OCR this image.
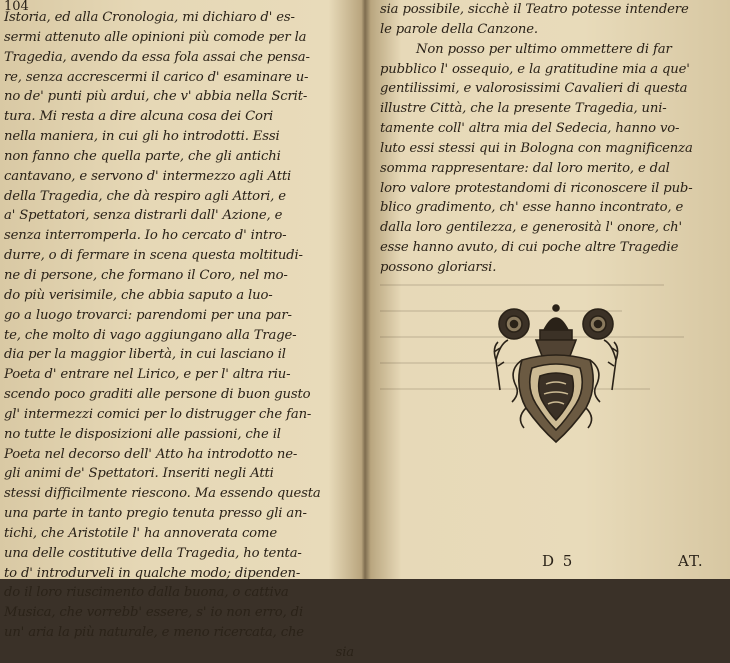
104
Istoria, ed alla Cronologia, mi dichiaro d' es-
sermi attenuto alle opinioni più comode per la
Tragedia, avendo da essa fola assai che pensa-
re, senza accrescermi il carico d' esaminare u-
no de' punti più ardui, che v' abbia nella Scrit-
tura. Mi resta a dire alcuna cosa dei Cori
nella maniera, in cui gli ho introdotti. Essi
non fanno che quella parte, che gli antichi
cantavano, e servono d' intermezzo agli Atti
della Tragedia, che dà respiro agli Attori, e
a' Spettatori, senza distrarli dall' Azione, e
senza interromperla. Io ho cercato d' intro-
durre, o di fermare in scena questa moltitudi-
ne di persone, che formano il Coro, nel mo-
do più verisimile, che abbia saputo a luo-
go a luogo trovarci: parendomi per una par-
te, che molto di vago aggiungano alla Trage-
dia per la maggior libertà, in cui lasciano il
Poeta d' entrare nel Lirico, e per l' altra riu-
scendo poco graditi alle persone di buon gusto
gl' intermezzi comici per lo distrugger che fan-
no tutte le disposizioni alle passioni, che il
Poeta nel decorso dell' Atto ha introdotto ne-
gli animi de' Spettatori. Inseriti negli Atti
stessi difficilmente riescono. Ma essendo questa
una parte in tanto pregio tenuta presso gli an-
tichi, che Aristotile l' ha annoverata come
una delle costitutive della Tragedia, ho tenta-
to d' introdurveli in qualche modo; dipenden-
do il loro riuscimento dalla buona, o cattiva
Musica, che vorrebb' essere, s' io non erro, di
un' aria la più naturale, e meno ricercata, che
sia
sia possibile, sicchè il Teatro potesse intendere
le parole della Canzone.
Non posso per ultimo ommettere di far
pubblico l' ossequio, e la gratitudine mia a que'
gentilissimi, e valorosissimi Cavalieri di questa
illustre Città, che la presente Tragedia, uni-
tamente coll' altra mia del Sedecia, hanno vo-
luto essi stessi qui in Bologna con magnificenza
somma rappresentare: dal loro merito, e dal
loro valore protestandomi di riconoscere il pub-
blico gradimento, ch' esse hanno incontrato, e
dalla loro gentilezza, e generosità l' onore, ch'
esse hanno avuto, di cui poche altre Tragedie
possono gloriarsi.
D 5	AT.
